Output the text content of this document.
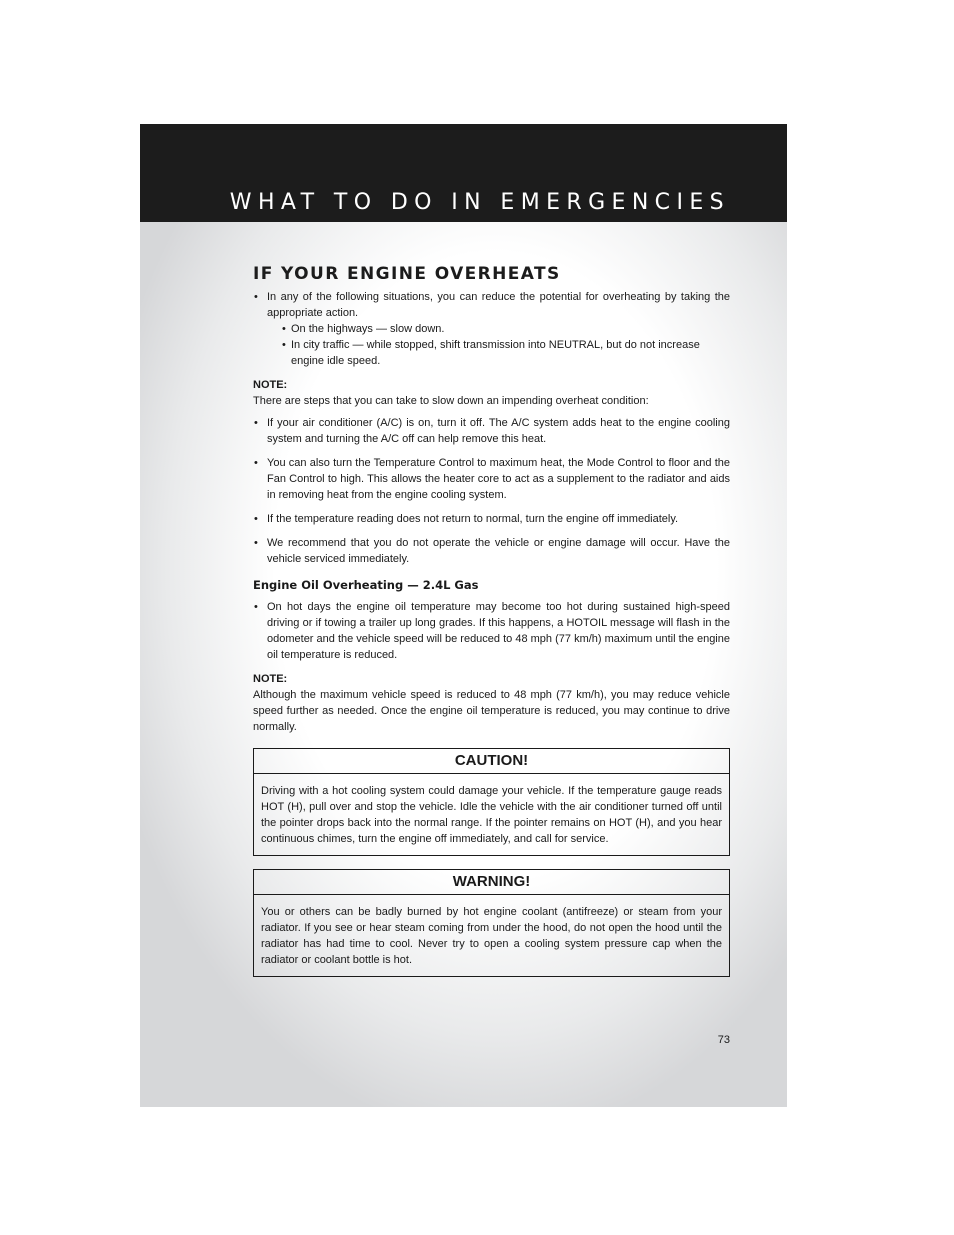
WHAT TO DO IN EMERGENCIES
IF YOUR ENGINE OVERHEATS
• In any of the following situations, you can reduce the potential for overheating by taking the appropriate action.
• On the highways — slow down.
• In city traffic — while stopped, shift transmission into NEUTRAL, but do not increase engine idle speed.
NOTE:
There are steps that you can take to slow down an impending overheat condition:
• If your air conditioner (A/C) is on, turn it off. The A/C system adds heat to the engine cooling system and turning the A/C off can help remove this heat.
• You can also turn the Temperature Control to maximum heat, the Mode Control to floor and the Fan Control to high. This allows the heater core to act as a supplement to the radiator and aids in removing heat from the engine cooling system.
• If the temperature reading does not return to normal, turn the engine off immediately.
• We recommend that you do not operate the vehicle or engine damage will occur. Have the vehicle serviced immediately.
Engine Oil Overheating — 2.4L Gas
• On hot days the engine oil temperature may become too hot during sustained high-speed driving or if towing a trailer up long grades. If this happens, a HOTOIL message will flash in the odometer and the vehicle speed will be reduced to 48 mph (77 km/h) maximum until the engine oil temperature is reduced.
NOTE:
Although the maximum vehicle speed is reduced to 48 mph (77 km/h), you may reduce vehicle speed further as needed. Once the engine oil temperature is reduced, you may continue to drive normally.
CAUTION!
Driving with a hot cooling system could damage your vehicle. If the temperature gauge reads HOT (H), pull over and stop the vehicle. Idle the vehicle with the air conditioner turned off until the pointer drops back into the normal range. If the pointer remains on HOT (H), and you hear continuous chimes, turn the engine off immediately, and call for service.
WARNING!
You or others can be badly burned by hot engine coolant (antifreeze) or steam from your radiator. If you see or hear steam coming from under the hood, do not open the hood until the radiator has had time to cool. Never try to open a cooling system pressure cap when the radiator or coolant bottle is hot.
73
